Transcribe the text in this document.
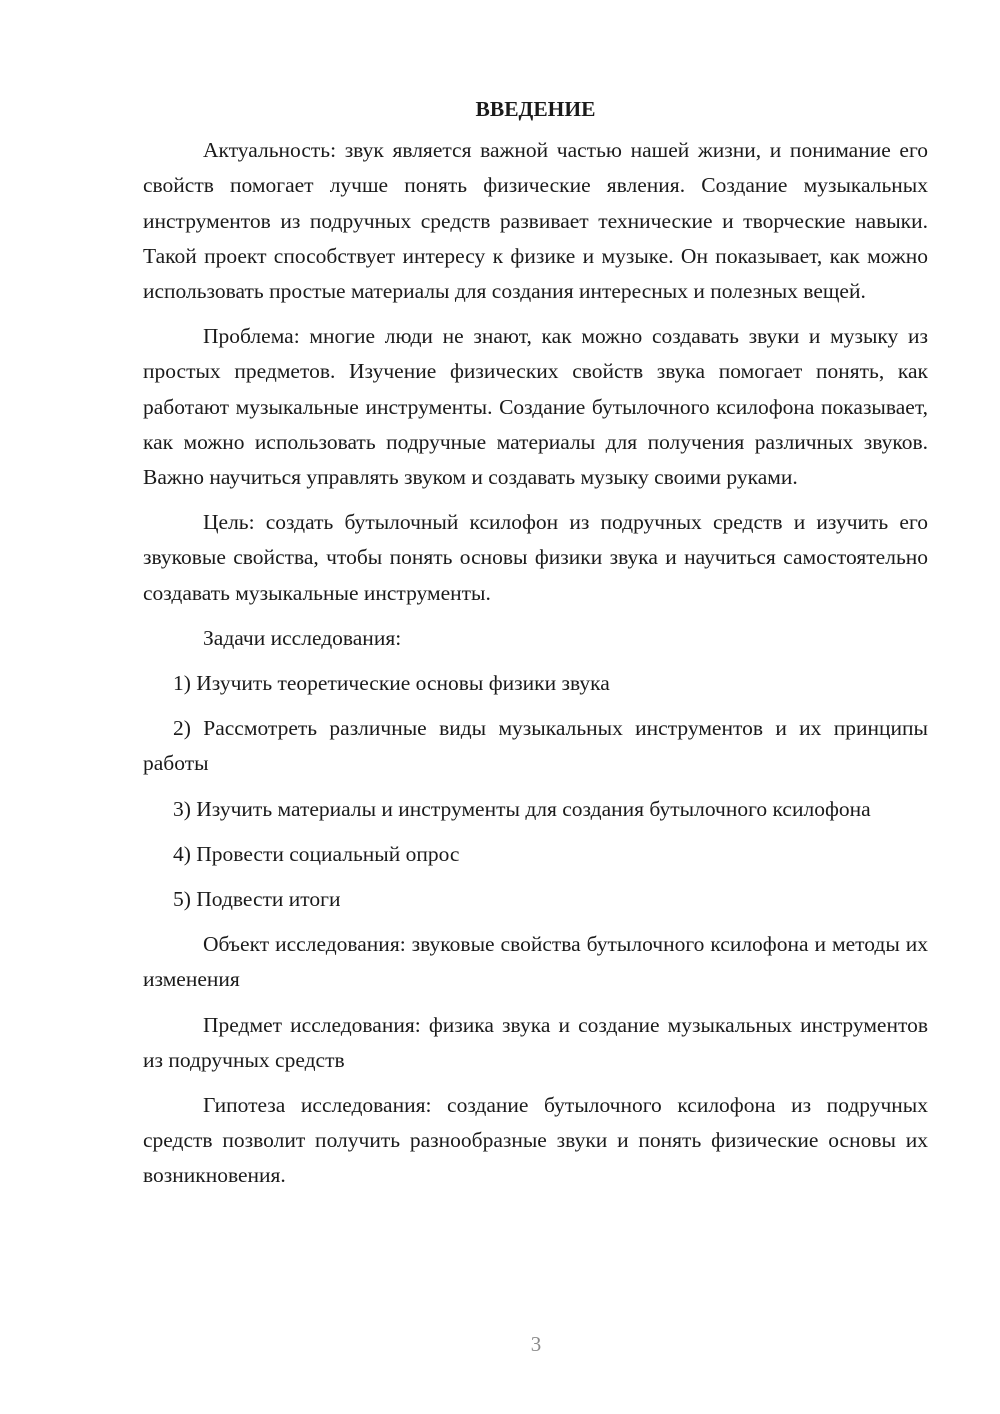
ВВЕДЕНИЕ

Актуальность: звук является важной частью нашей жизни, и понимание его свойств помогает лучше понять физические явления. Создание музыкальных инструментов из подручных средств развивает технические и творческие навыки. Такой проект способствует интересу к физике и музыке. Он показывает, как можно использовать простые материалы для создания интересных и полезных вещей.

Проблема: многие люди не знают, как можно создавать звуки и музыку из простых предметов. Изучение физических свойств звука помогает понять, как работают музыкальные инструменты. Создание бутылочного ксилофона показывает, как можно использовать подручные материалы для получения различных звуков. Важно научиться управлять звуком и создавать музыку своими руками.

Цель: создать бутылочный ксилофон из подручных средств и изучить его звуковые свойства, чтобы понять основы физики звука и научиться самостоятельно создавать музыкальные инструменты.

Задачи исследования:

1) Изучить теоретические основы физики звука

2) Рассмотреть различные виды музыкальных инструментов и их принципы работы

3) Изучить материалы и инструменты для создания бутылочного ксилофона

4) Провести социальный опрос

5) Подвести итоги

Объект исследования: звуковые свойства бутылочного ксилофона и методы их изменения

Предмет исследования: физика звука и создание музыкальных инструментов из подручных средств

Гипотеза исследования: создание бутылочного ксилофона из подручных средств позволит получить разнообразные звуки и понять физические основы их возникновения.

3
